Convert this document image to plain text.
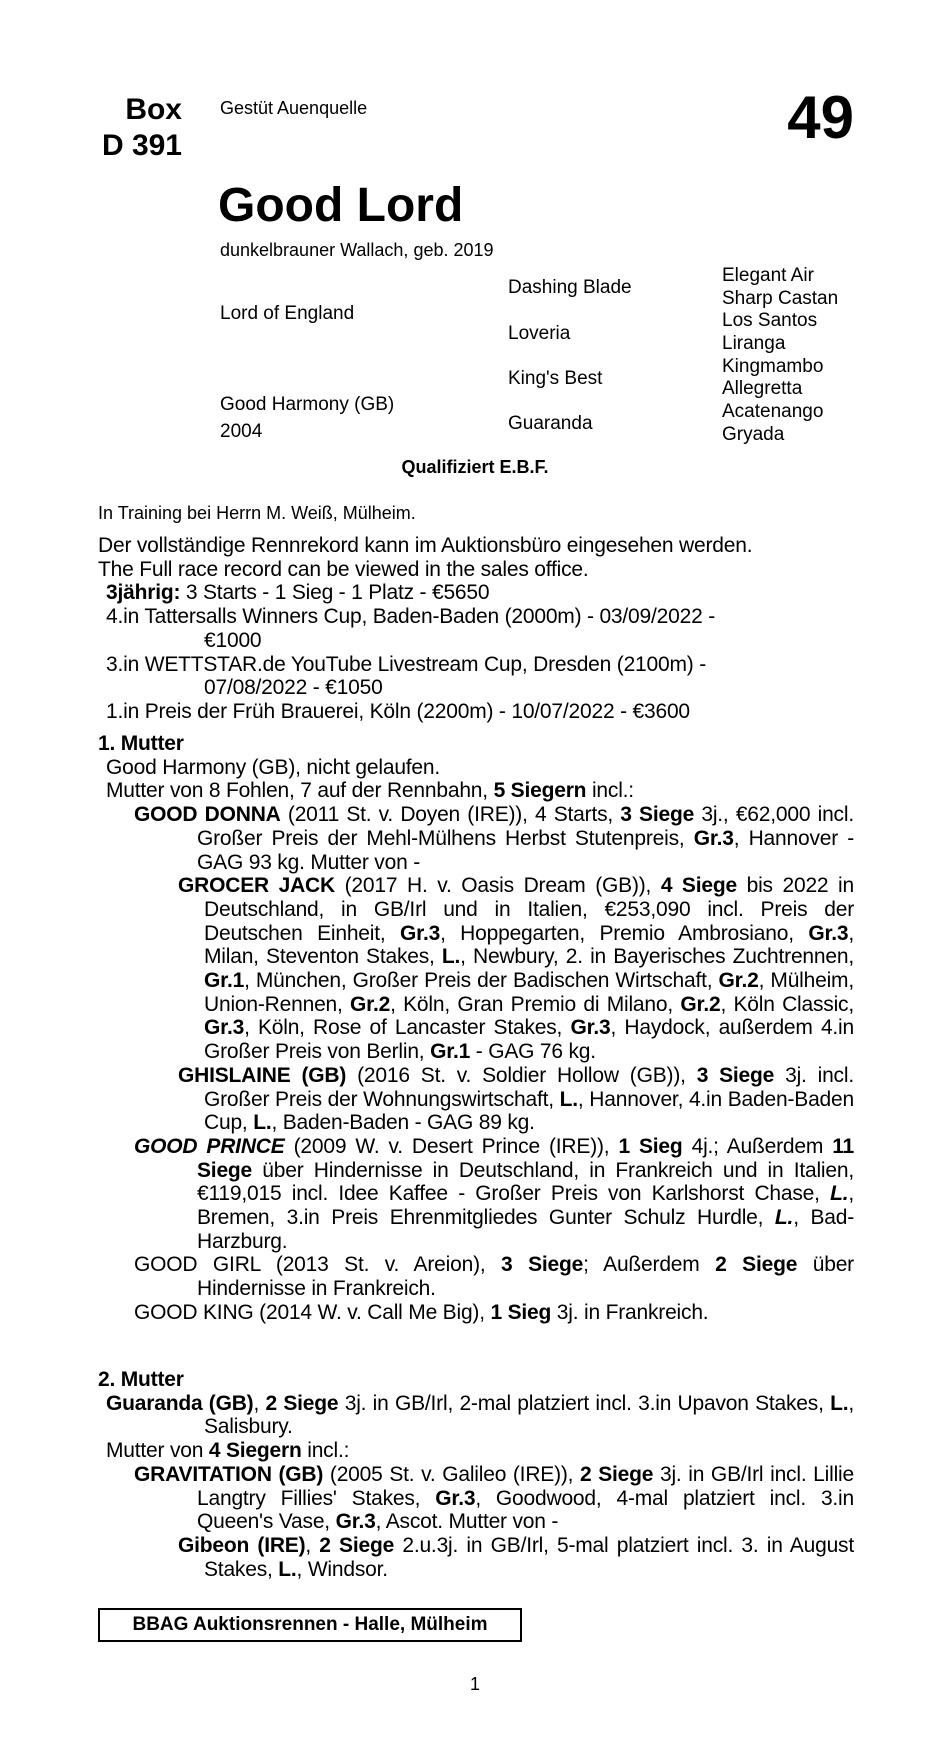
Box
D 391
Gestüt Auenquelle	49
Good Lord
dunkelbrauner Wallach, geb. 2019
Lord of England
Good Harmony (GB)
2004
Dashing Blade
Loveria
King's Best
Guaranda
Elegant Air
Sharp Castan
Los Santos
Liranga
Kingmambo
Allegretta
Acatenango
Gryada
Qualifiziert E.B.F.
In Training bei Herrn M. Weiß, Mülheim.

Der vollständige Rennrekord kann im Auktionsbüro eingesehen werden.

The Full race record can be viewed in the sales office.

3jährig: 3 Starts - 1 Sieg - 1 Platz - €5650

4.in Tattersalls Winners Cup, Baden-Baden (2000m) - 03/09/2022 -

€1000

3.in WETTSTAR.de YouTube Livestream Cup, Dresden (2100m) -

07/08/2022 - €1050

1.in Preis der Früh Brauerei, Köln (2200m) - 10/07/2022 - €3600

1. Mutter

Good Harmony (GB), nicht gelaufen.

Mutter von 8 Fohlen, 7 auf der Rennbahn, 5 Siegern incl.:

GOOD DONNA (2011 St. v. Doyen (IRE)), 4 Starts, 3 Siege 3j., €62,000 incl. Großer Preis der Mehl-Mülhens Herbst Stutenpreis, Gr.3, Hannover - GAG 93 kg. Mutter von -

GROCER JACK (2017 H. v. Oasis Dream (GB)), 4 Siege bis 2022 in Deutschland, in GB/Irl und in Italien, €253,090 incl. Preis der Deutschen Einheit, Gr.3, Hoppegarten, Premio Ambrosiano, Gr.3, Milan, Steventon Stakes, L., Newbury, 2. in Bayerisches Zuchtrennen, Gr.1, München, Großer Preis der Badischen Wirtschaft, Gr.2, Mülheim, Union-Rennen, Gr.2, Köln, Gran Premio di Milano, Gr.2, Köln Classic, Gr.3, Köln, Rose of Lancaster Stakes, Gr.3, Haydock, außerdem 4.in Großer Preis von Berlin, Gr.1 - GAG 76 kg.

GHISLAINE (GB) (2016 St. v. Soldier Hollow (GB)), 3 Siege 3j. incl. Großer Preis der Wohnungswirtschaft, L., Hannover, 4.in Baden-Baden Cup, L., Baden-Baden - GAG 89 kg.

GOOD PRINCE (2009 W. v. Desert Prince (IRE)), 1 Sieg 4j.; Außerdem 11 Siege über Hindernisse in Deutschland, in Frankreich und in Italien, €119,015 incl. Idee Kaffee - Großer Preis von Karlshorst Chase, L., Bremen, 3.in Preis Ehrenmitgliedes Gunter Schulz Hurdle, L., Bad-Harzburg.

GOOD GIRL (2013 St. v. Areion), 3 Siege; Außerdem 2 Siege über Hindernisse in Frankreich.

GOOD KING (2014 W. v. Call Me Big), 1 Sieg 3j. in Frankreich.

2. Mutter

Guaranda (GB), 2 Siege 3j. in GB/Irl, 2-mal platziert incl. 3.in Upavon Stakes, L., Salisbury.

Mutter von 4 Siegern incl.:

GRAVITATION (GB) (2005 St. v. Galileo (IRE)), 2 Siege 3j. in GB/Irl incl. Lillie Langtry Fillies' Stakes, Gr.3, Goodwood, 4-mal platziert incl. 3.in Queen's Vase, Gr.3, Ascot. Mutter von -

Gibeon (IRE), 2 Siege 2.u.3j. in GB/Irl, 5-mal platziert incl. 3. in August Stakes, L., Windsor.

BBAG Auktionsrennen - Halle, Mülheim
1
